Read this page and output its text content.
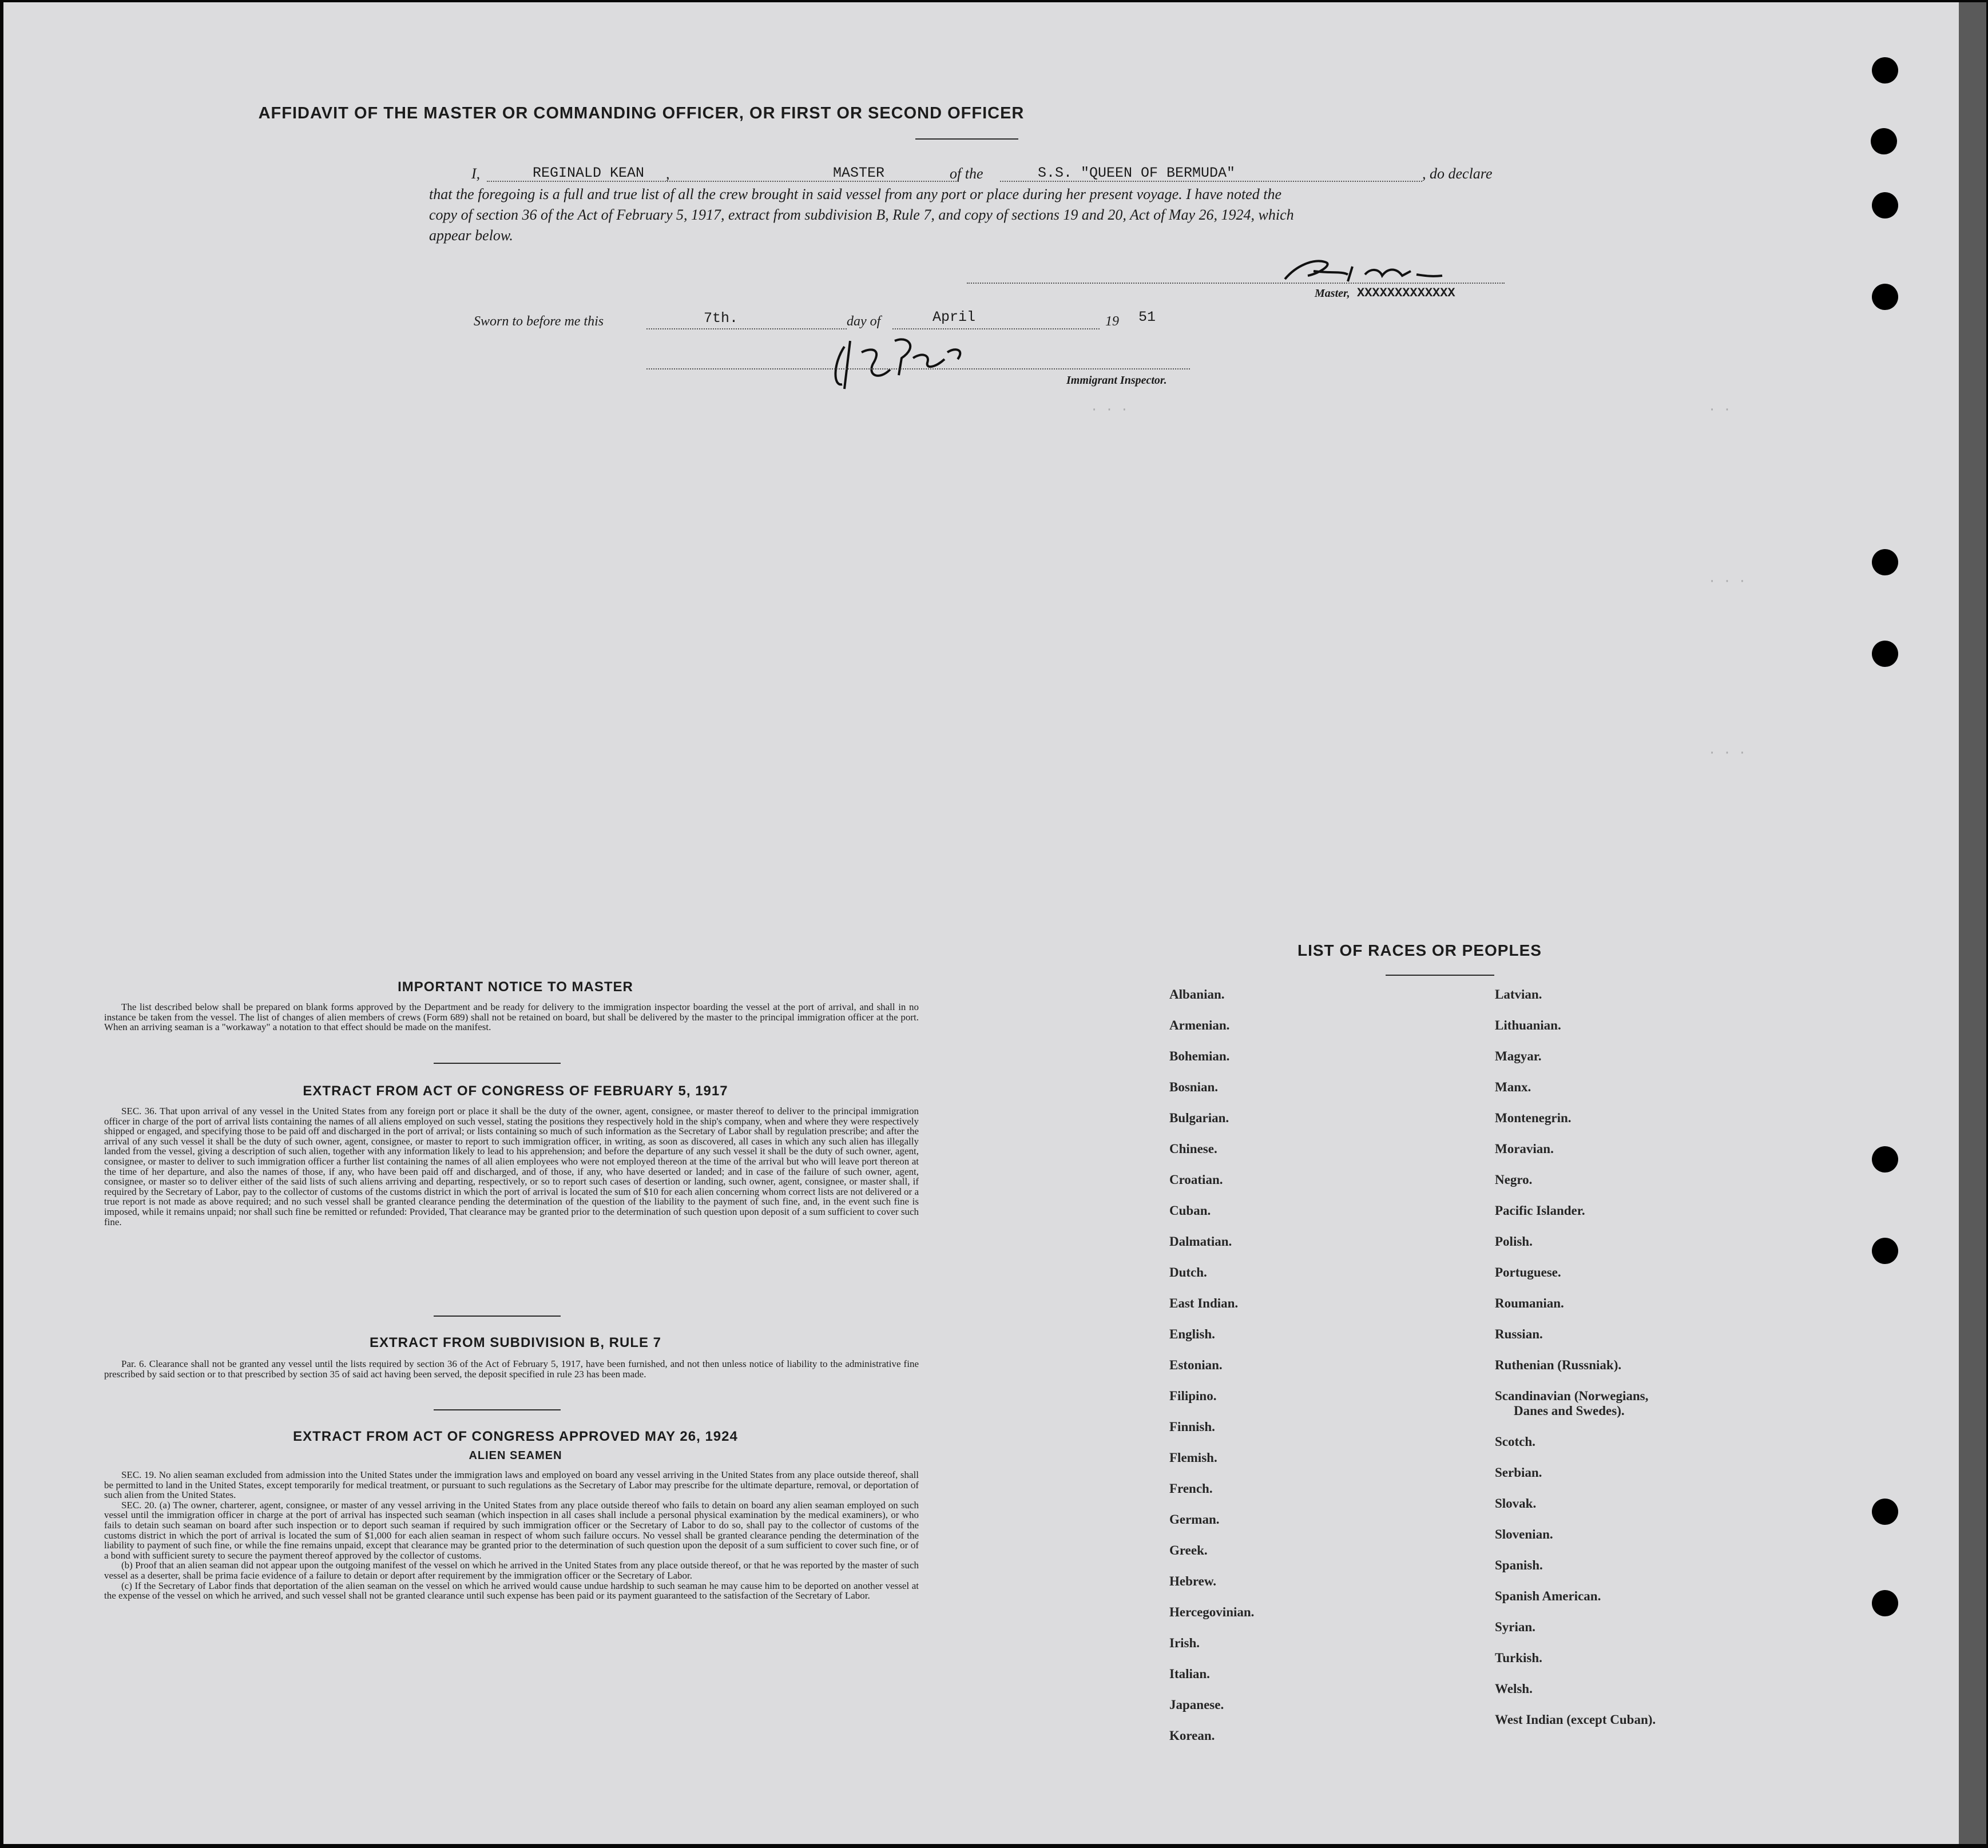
AFFIDAVIT OF THE MASTER OR COMMANDING OFFICER, OR FIRST OR SECOND OFFICER
I,	REGINALD KEAN ,	MASTER	of the	S.S. "QUEEN OF BERMUDA"	, do declare
that the foregoing is a full and true list of all the crew brought in said vessel from any port or place during her present voyage. I have noted the
copy of section 36 of the Act of February 5, 1917, extract from subdivision B, Rule 7, and copy of sections 19 and 20, Act of May 26, 1924, which
appear below.
Master, XXXXXXXXXXXXX
Sworn to before me this	7th.	day of	April	19 51
Immigrant Inspector.
· · ·	· ·
· · ·
· · ·
IMPORTANT NOTICE TO MASTER

The list described below shall be prepared on blank forms approved by the Department and be ready for delivery to the immigration inspector boarding the vessel at the port of arrival, and shall in no instance be taken from the vessel. The list of changes of alien members of crews (Form 689) shall not be retained on board, but shall be delivered by the master to the principal immigration officer at the port. When an arriving seaman is a "workaway" a notation to that effect should be made on the manifest.

EXTRACT FROM ACT OF CONGRESS OF FEBRUARY 5, 1917

SEC. 36. That upon arrival of any vessel in the United States from any foreign port or place it shall be the duty of the owner, agent, consignee, or master thereof to deliver to the principal immigration officer in charge of the port of arrival lists containing the names of all aliens employed on such vessel, stating the positions they respectively hold in the ship's company, when and where they were respectively shipped or engaged, and specifying those to be paid off and discharged in the port of arrival; or lists containing so much of such information as the Secretary of Labor shall by regulation prescribe; and after the arrival of any such vessel it shall be the duty of such owner, agent, consignee, or master to report to such immigration officer, in writing, as soon as discovered, all cases in which any such alien has illegally landed from the vessel, giving a description of such alien, together with any information likely to lead to his apprehension; and before the departure of any such vessel it shall be the duty of such owner, agent, consignee, or master to deliver to such immigration officer a further list containing the names of all alien employees who were not employed thereon at the time of the arrival but who will leave port thereon at the time of her departure, and also the names of those, if any, who have been paid off and discharged, and of those, if any, who have deserted or landed; and in case of the failure of such owner, agent, consignee, or master so to deliver either of the said lists of such aliens arriving and departing, respectively, or so to report such cases of desertion or landing, such owner, agent, consignee, or master shall, if required by the Secretary of Labor, pay to the collector of customs of the customs district in which the port of arrival is located the sum of $10 for each alien concerning whom correct lists are not delivered or a true report is not made as above required; and no such vessel shall be granted clearance pending the determination of the question of the liability to the payment of such fine, and, in the event such fine is imposed, while it remains unpaid; nor shall such fine be remitted or refunded: Provided, That clearance may be granted prior to the determination of such question upon deposit of a sum sufficient to cover such fine.

EXTRACT FROM SUBDIVISION B, RULE 7

Par. 6. Clearance shall not be granted any vessel until the lists required by section 36 of the Act of February 5, 1917, have been furnished, and not then unless notice of liability to the administrative fine prescribed by said section or to that prescribed by section 35 of said act having been served, the deposit specified in rule 23 has been made.

EXTRACT FROM ACT OF CONGRESS APPROVED MAY 26, 1924
ALIEN SEAMEN

SEC. 19. No alien seaman excluded from admission into the United States under the immigration laws and employed on board any vessel arriving in the United States from any place outside thereof, shall be permitted to land in the United States, except temporarily for medical treatment, or pursuant to such regulations as the Secretary of Labor may prescribe for the ultimate departure, removal, or deportation of such alien from the United States.

SEC. 20. (a) The owner, charterer, agent, consignee, or master of any vessel arriving in the United States from any place outside thereof who fails to detain on board any alien seaman employed on such vessel until the immigration officer in charge at the port of arrival has inspected such seaman (which inspection in all cases shall include a personal physical examination by the medical examiners), or who fails to detain such seaman on board after such inspection or to deport such seaman if required by such immigration officer or the Secretary of Labor to do so, shall pay to the collector of customs of the customs district in which the port of arrival is located the sum of $1,000 for each alien seaman in respect of whom such failure occurs. No vessel shall be granted clearance pending the determination of the liability to payment of such fine, or while the fine remains unpaid, except that clearance may be granted prior to the determination of such question upon the deposit of a sum sufficient to cover such fine, or of a bond with sufficient surety to secure the payment thereof approved by the collector of customs.

(b) Proof that an alien seaman did not appear upon the outgoing manifest of the vessel on which he arrived in the United States from any place outside thereof, or that he was reported by the master of such vessel as a deserter, shall be prima facie evidence of a failure to detain or deport after requirement by the immigration officer or the Secretary of Labor.

(c) If the Secretary of Labor finds that deportation of the alien seaman on the vessel on which he arrived would cause undue hardship to such seaman he may cause him to be deported on another vessel at the expense of the vessel on which he arrived, and such vessel shall not be granted clearance until such expense has been paid or its payment guaranteed to the satisfaction of the Secretary of Labor.

LIST OF RACES OR PEOPLES
Albanian.
Armenian.
Bohemian.
Bosnian.
Bulgarian.
Chinese.
Croatian.
Cuban.
Dalmatian.
Dutch.
East Indian.
English.
Estonian.
Filipino.
Finnish.
Flemish.
French.
German.
Greek.
Hebrew.
Hercegovinian.
Irish.
Italian.
Japanese.
Korean.
Latvian.
Lithuanian.
Magyar.
Manx.
Montenegrin.
Moravian.
Negro.
Pacific Islander.
Polish.
Portuguese.
Roumanian.
Russian.
Ruthenian (Russniak).
Scandinavian (Norwegians,
Danes and Swedes).
Scotch.
Serbian.
Slovak.
Slovenian.
Spanish.
Spanish American.
Syrian.
Turkish.
Welsh.
West Indian (except Cuban).
